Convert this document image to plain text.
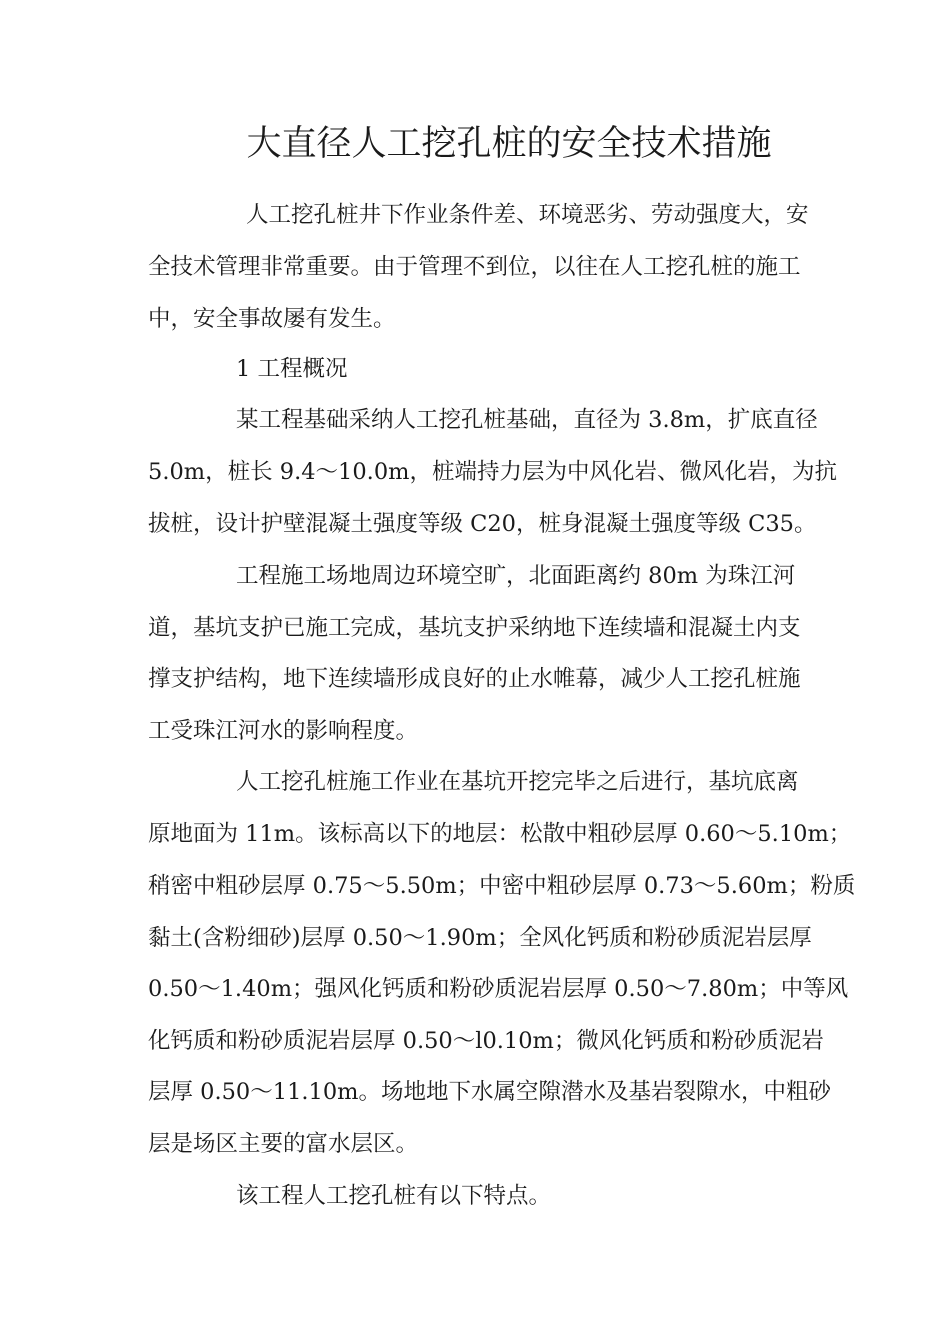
大直径人工挖孔桩的安全技术措施
人工挖孔桩井下作业条件差、环境恶劣、劳动强度大，安
全技术管理非常重要。由于管理不到位，以往在人工挖孔桩的施工
中，安全事故屡有发生。
1 工程概况
某工程基础采纳人工挖孔桩基础，直径为 3.8m，扩底直径
5.0m，桩长 9.4～10.0m，桩端持力层为中风化岩、微风化岩，为抗
拔桩，设计护壁混凝土强度等级 C20，桩身混凝土强度等级 C35。
工程施工场地周边环境空旷，北面距离约 80m 为珠江河
道，基坑支护已施工完成，基坑支护采纳地下连续墙和混凝土内支
撑支护结构，地下连续墙形成良好的止水帷幕，减少人工挖孔桩施
工受珠江河水的影响程度。
人工挖孔桩施工作业在基坑开挖完毕之后进行，基坑底离
原地面为 11m。该标高以下的地层：松散中粗砂层厚 0.60～5.10m；
稍密中粗砂层厚 0.75～5.50m；中密中粗砂层厚 0.73～5.60m；粉质
黏土(含粉细砂)层厚 0.50～1.90m；全风化钙质和粉砂质泥岩层厚
0.50～1.40m；强风化钙质和粉砂质泥岩层厚 0.50～7.80m；中等风
化钙质和粉砂质泥岩层厚 0.50～l0.10m；微风化钙质和粉砂质泥岩
层厚 0.50～11.10m。场地地下水属空隙潜水及基岩裂隙水，中粗砂
层是场区主要的富水层区。
该工程人工挖孔桩有以下特点。
